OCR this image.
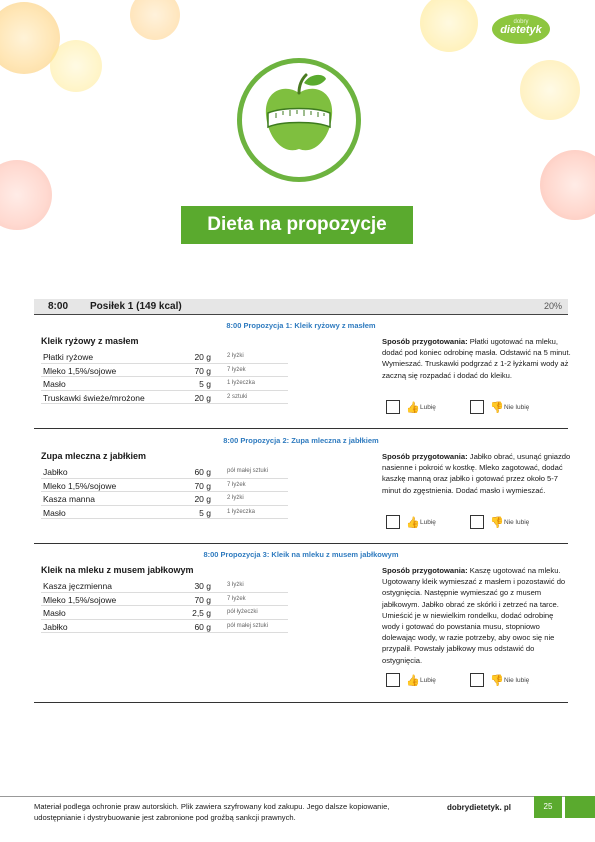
dobry
dietetyk
Dieta na propozycje
8:00 Posiłek 1 (149 kcal)	20%
8:00 Propozycja 1: Kleik ryżowy z masłem
Kleik ryżowy z masłem
Płatki ryżowe	20 g	2 łyżki
Mleko 1,5%/sojowe	70 g	7 łyżek
Masło	5 g	1 łyżeczka
Truskawki świeże/mrożone	20 g	2 sztuki
Sposób przygotowania: Płatki ugotować na mleku, dodać pod koniec odrobinę masła. Odstawić na 5 minut. Wymieszać. Truskawki podgrzać z 1-2 łyżkami wody aż zaczną się rozpadać i dodać do kleiku.
👍 Lubię	👎 Nie lubię
8:00 Propozycja 2: Zupa mleczna z jabłkiem
Zupa mleczna z jabłkiem
Jabłko	60 g	pół małej sztuki
Mleko 1,5%/sojowe	70 g	7 łyżek
Kasza manna	20 g	2 łyżki
Masło	5 g	1 łyżeczka
Sposób przygotowania: Jabłko obrać, usunąć gniazdo nasienne i pokroić w kostkę. Mleko zagotować, dodać kaszkę manną oraz jabłko i gotować przez około 5-7 minut do zgęstnienia. Dodać masło i wymieszać.
👍 Lubię	👎 Nie lubię
8:00 Propozycja 3: Kleik na mleku z musem jabłkowym
Kleik na mleku z musem jabłkowym
Kasza jęczmienna	30 g	3 łyżki
Mleko 1,5%/sojowe	70 g	7 łyżek
Masło	2,5 g	pół łyżeczki
Jabłko	60 g	pół małej sztuki
Sposób przygotowania: Kaszę ugotować na mleku. Ugotowany kleik wymieszać z masłem i pozostawić do ostygnięcia. Następnie wymieszać go z musem jabłkowym. Jabłko obrać ze skórki i zetrzeć na tarce. Umieścić je w niewielkim rondelku, dodać odrobinę wody i gotować do powstania musu, stopniowo dolewając wody, w razie potrzeby, aby owoc się nie przypalił. Powstały jabłkowy mus odstawić do ostygnięcia.
👍 Lubię	👎 Nie lubię
Materiał podlega ochronie praw autorskich. Plik zawiera szyfrowany kod zakupu. Jego dalsze kopiowanie, udostępnianie i dystrybuowanie jest zabronione pod groźbą sankcji prawnych.
dobrydietetyk. pl	25
